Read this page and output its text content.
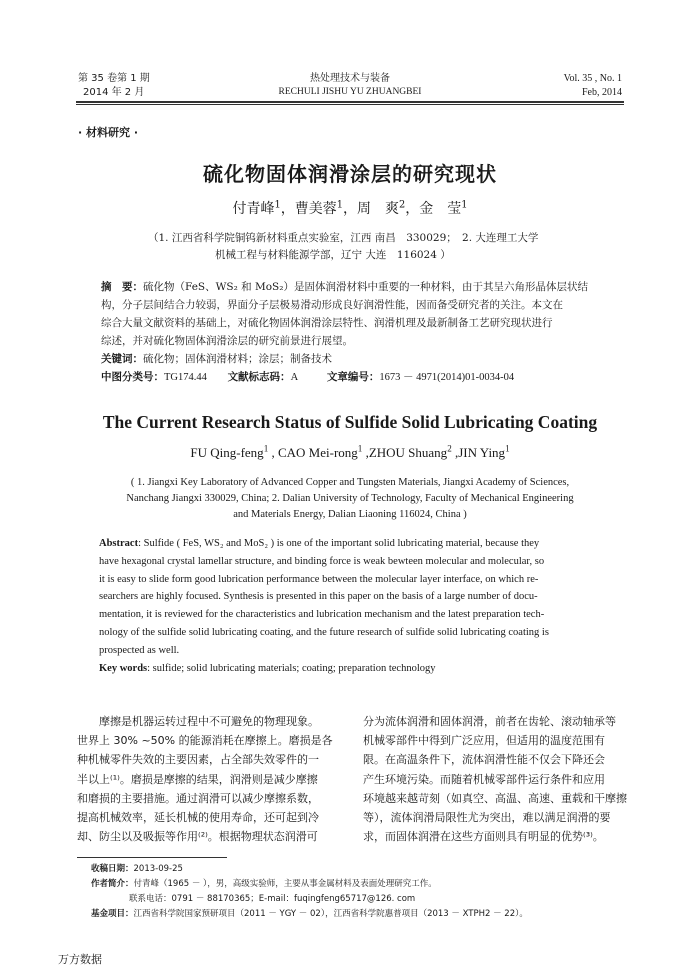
第 35 卷第 1 期
2014 年 2 月
热处理技术与装备
RECHULI JISHU YU ZHUANGBEI
Vol. 35 , No. 1
Feb, 2014
· 材料研究 ·
硫化物固体润滑涂层的研究现状
付青峰$^1$，曹美蓉$^1$，周　爽$^2$，金　莹$^1$
（1. 江西省科学院铜钨新材料重点实验室，江西 南昌　330029；　2. 大连理工大学
机械工程与材料能源学部，辽宁 大连　116024 ）
摘　要：硫化物（FeS、WS₂ 和 MoS₂）是固体润滑材料中重要的一种材料，由于其呈六角形晶体层状结
构，分子层间结合力较弱，界面分子层极易滑动形成良好润滑性能，因而备受研究者的关注。本文在
综合大量文献资料的基础上，对硫化物固体润滑涂层特性、润滑机理及最新制备工艺研究现状进行
综述，并对硫化物固体润滑涂层的研究前景进行展望。
关键词：硫化物；固体润滑材料；涂层；制备技术
中图分类号：TG174.44 文献标志码：A	文章编号：1673 － 4971(2014)01-0034-04
The Current Research Status of Sulfide Solid Lubricating Coating
FU Qing-feng$^1$ , CAO Mei-rong$^1$ ,ZHOU Shuang$^2$ ,JIN Ying$^1$
( 1. Jiangxi Key Laboratory of Advanced Copper and Tungsten Materials, Jiangxi Academy of Sciences,
Nanchang Jiangxi 330029, China; 2. Dalian University of Technology, Faculty of Mechanical Engineering
and Materials Energy, Dalian Liaoning 116024, China )
Abstract: Sulfide ( FeS, WS₂ and MoS₂ ) is one of the important solid lubricating material, because they
have hexagonal crystal lamellar structure, and binding force is weak bewteen molecular and molecular, so
it is easy to slide form good lubrication performance between the molecular layer interface, on which re-
searchers are highly focused. Synthesis is presented in this paper on the basis of a large number of docu-
mentation, it is reviewed for the characteristics and lubrication mechanism and the latest preparation tech-
nology of the sulfide solid lubricating coating, and the future research of sulfide solid lubricating coating is
prospected as well.
Key words: sulfide; solid lubricating materials; coating; preparation technology
　　摩擦是机器运转过程中不可避免的物理现象。
世界上 30% ~50% 的能源消耗在摩擦上。磨损是各
种机械零件失效的主要因素，占全部失效零件的一
半以上⁽¹⁾。磨损是摩擦的结果，润滑则是减少摩擦
和磨损的主要措施。通过润滑可以减少摩擦系数，
提高机械效率，延长机械的使用寿命，还可起到冷
却、防尘以及吸振等作用⁽²⁾。根据物理状态润滑可
分为流体润滑和固体润滑，前者在齿轮、滚动轴承等
机械零部件中得到广泛应用，但适用的温度范围有
限。在高温条件下，流体润滑性能不仅会下降还会
产生环境污染。而随着机械零部件运行条件和应用
环境越来越苛刻（如真空、高温、高速、重载和干摩擦
等），流体润滑局限性尤为突出，难以满足润滑的要
求，而固体润滑在这些方面则具有明显的优势⁽³⁾。
收稿日期：2013-09-25
作者简介：付青峰（1965 － ），男，高级实验师，主要从事金属材料及表面处理研究工作。
联系电话：0791 － 88170365；E-mail：fuqingfeng65717@126. com
基金项目：江西省科学院国家预研项目（2011 － YGY － 02），江西省科学院惠普项目（2013 － XTPH2 － 22）。
万方数据
